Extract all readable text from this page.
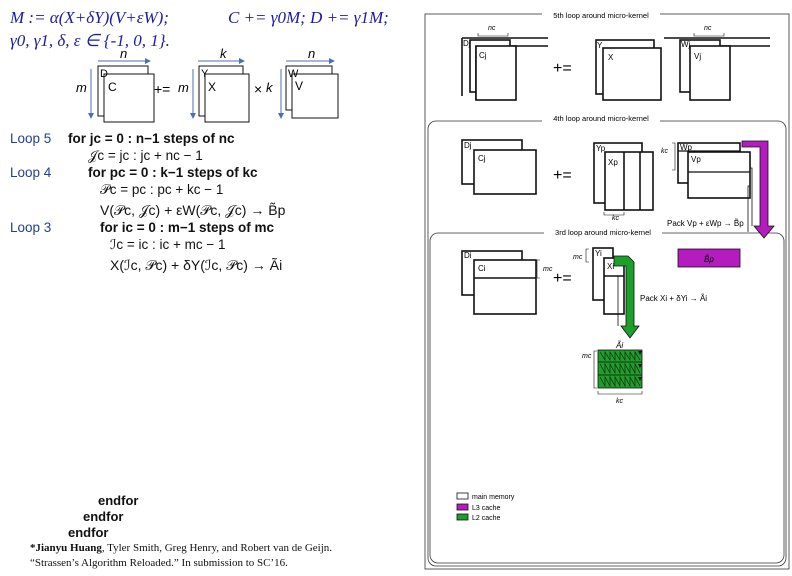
M := α(X+δY)(V+εW);	C += γ0M; D += γ1M;
γ0, γ1, δ, ε ∈ {-1, 0, 1}.
n
m
D
C	+=
k
m
Y
X	×
n
k
W
V
Loop 5 for jc = 0 : n−1 steps of nc
𝒥c = jc : jc + nc − 1
Loop 4	for pc = 0 : k−1 steps of kc
𝒫c = pc : pc + kc − 1
V(𝒫c, 𝒥c) + εW(𝒫c, 𝒥c) → B̃p
Loop 3	for ic = 0 : m−1 steps of mc
ℐc = ic : ic + mc − 1
X(ℐc, 𝒫c) + δY(ℐc, 𝒫c) → Ãi
endfor
endfor
endfor
*Jianyu Huang, Tyler Smith, Greg Henry, and Robert van de Geijn.
“Strassen’s Algorithm Reloaded.” In submission to SC’16.
5th loop around micro-kernel
4th loop around micro-kernel
3rd loop around micro-kernel
nc	nc
Dj
Cj
+=
Y
X
Wj
Vj
Dj
Cj
+=
Yp
Xp
kc
kc Wp
Vp
Pack Vp + εWp → B̃p
B̃p
Di
Ci	mc
+=
Yi
Xi
mc
Pack Xi + δYi → Ãi
Ãi
mc
kc
main memory
L3 cache
L2 cache
